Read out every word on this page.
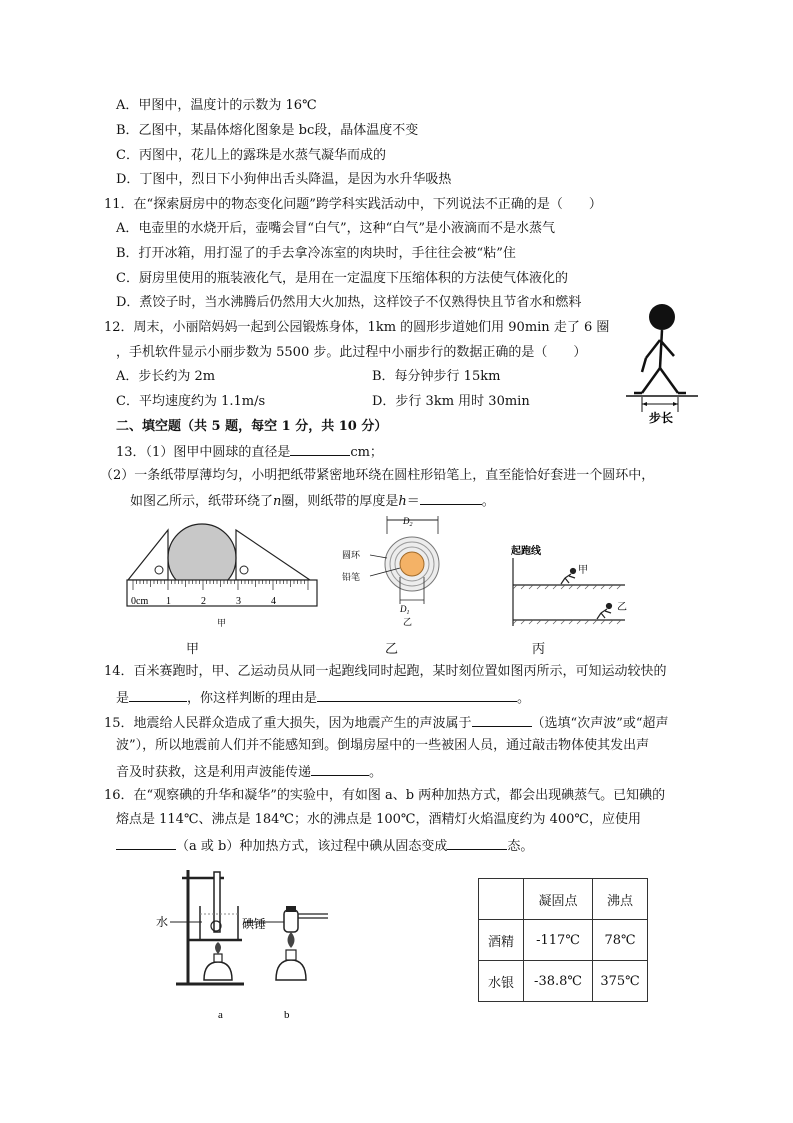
A．甲图中，温度计的示数为 16℃
B．乙图中，某晶体熔化图象是 bc段，晶体温度不变
C．丙图中，花儿上的露珠是水蒸气凝华而成的
D．丁图中，烈日下小狗伸出舌头降温，是因为水升华吸热
11．在“探索厨房中的物态变化问题”跨学科实践活动中，下列说法不正确的是（　　）
A．电壶里的水烧开后，壶嘴会冒“白气”，这种“白气”是小液滴而不是水蒸气
B．打开冰箱，用打湿了的手去拿冷冻室的肉块时，手往往会被“粘”住
C．厨房里使用的瓶装液化气，是用在一定温度下压缩体积的方法使气体液化的
D．煮饺子时，当水沸腾后仍然用大火加热，这样饺子不仅熟得快且节省水和燃料
12．周末，小丽陪妈妈一起到公园锻炼身体，1km 的圆形步道她们用 90min 走了 6 圈
，手机软件显示小丽步数为 5500 步。此过程中小丽步行的数据正确的是（　　）
A．步长约为 2m	B．每分钟步行 15km
C．平均速度约为 1.1m/s	D．步行 3km 用时 30min
步长
二、填空题（共 5 题，每空 1 分，共 10 分）
13．（1）图甲中圆球的直径是	cm；
（2）一条纸带厚薄均匀，小明把纸带紧密地环绕在圆柱形铅笔上，直至能恰好套进一个圆环中，
如图乙所示，纸带环绕了n圈，则纸带的厚度是h＝	。
0cm 1	2	3	4
甲
$D_2$
圆环
铅笔
$D_1$
乙
起跑线
甲
乙
甲	乙	丙
14．百米赛跑时，甲、乙运动员从同一起跑线同时起跑，某时刻位置如图丙所示，可知运动较快的
是	，你这样判断的理由是	。
15．地震给人民群众造成了重大损失，因为地震产生的声波属于	（选填“次声波”或“超声
波”），所以地震前人们并不能感知到。倒塌房屋中的一些被困人员，通过敲击物体使其发出声
音及时获救，这是利用声波能传递	。
16．在“观察碘的升华和凝华”的实验中，有如图 a、b 两种加热方式，都会出现碘蒸气。已知碘的
熔点是 114℃、沸点是 184℃；水的沸点是 100℃，酒精灯火焰温度约为 400℃，应使用
（a 或 b）种加热方式，该过程中碘从固态变成	态。
水	碘锤
a	b
	凝固点	沸点
酒精	-117℃	78℃
水银	-38.8℃	375℃
